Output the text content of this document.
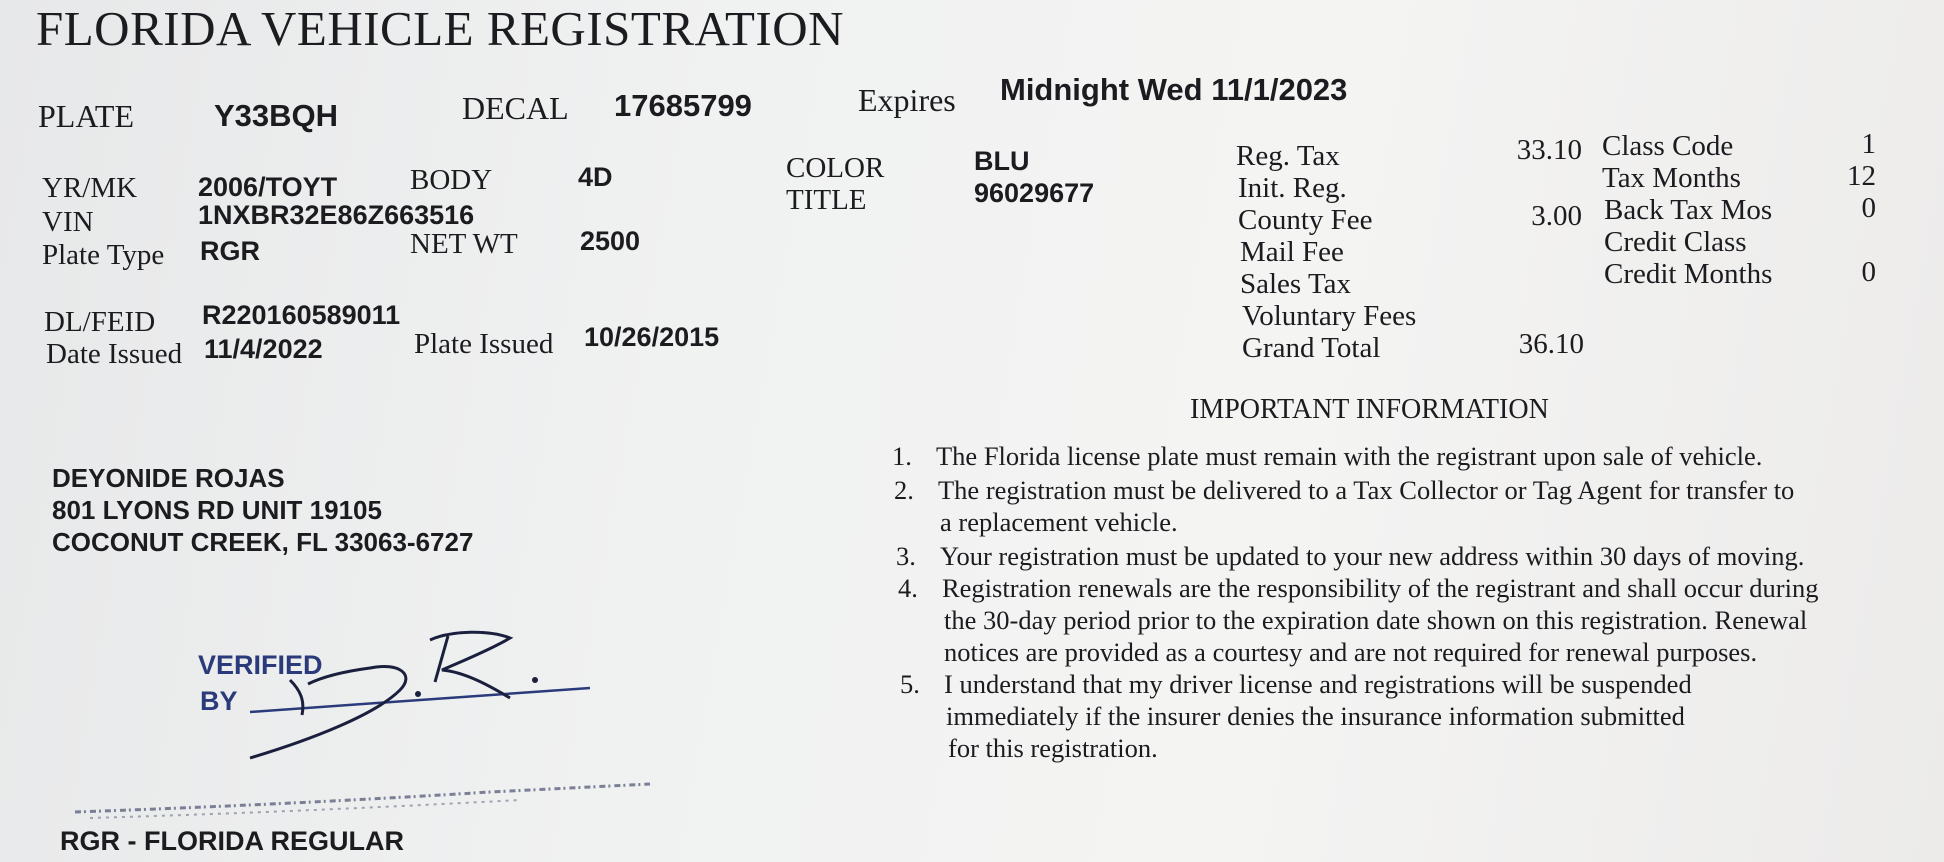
FLORIDA VEHICLE REGISTRATION
PLATE	Y33BQH	DECAL 17685799	Expires Midnight Wed 11/1/2023
YR/MK 2006/TOYT	BODY	4D
VIN	1NXBR32E86Z663516
Plate Type RGR	NET WT 2500
COLOR	BLU
TITLE	96029677
DL/FEID R220160589011
Date Issued 11/4/2022	Plate Issued 10/26/2015
Reg. Tax	33.10
Init. Reg.
County Fee	3.00
Mail Fee
Sales Tax
Voluntary Fees
Grand Total	36.10
Class Code	1
Tax Months	12
Back Tax Mos	0
Credit Class
Credit Months	0
IMPORTANT INFORMATION
1. The Florida license plate must remain with the registrant upon sale of vehicle.
2. The registration must be delivered to a Tax Collector or Tag Agent for transfer to
a replacement vehicle.
3. Your registration must be updated to your new address within 30 days of moving.
4. Registration renewals are the responsibility of the registrant and shall occur during
the 30-day period prior to the expiration date shown on this registration. Renewal
notices are provided as a courtesy and are not required for renewal purposes.
5. I understand that my driver license and registrations will be suspended
immediately if the insurer denies the insurance information submitted
for this registration.
DEYONIDE ROJAS
801 LYONS RD UNIT 19105
COCONUT CREEK, FL 33063-6727
VERIFIED
BY
RGR - FLORIDA REGULAR
